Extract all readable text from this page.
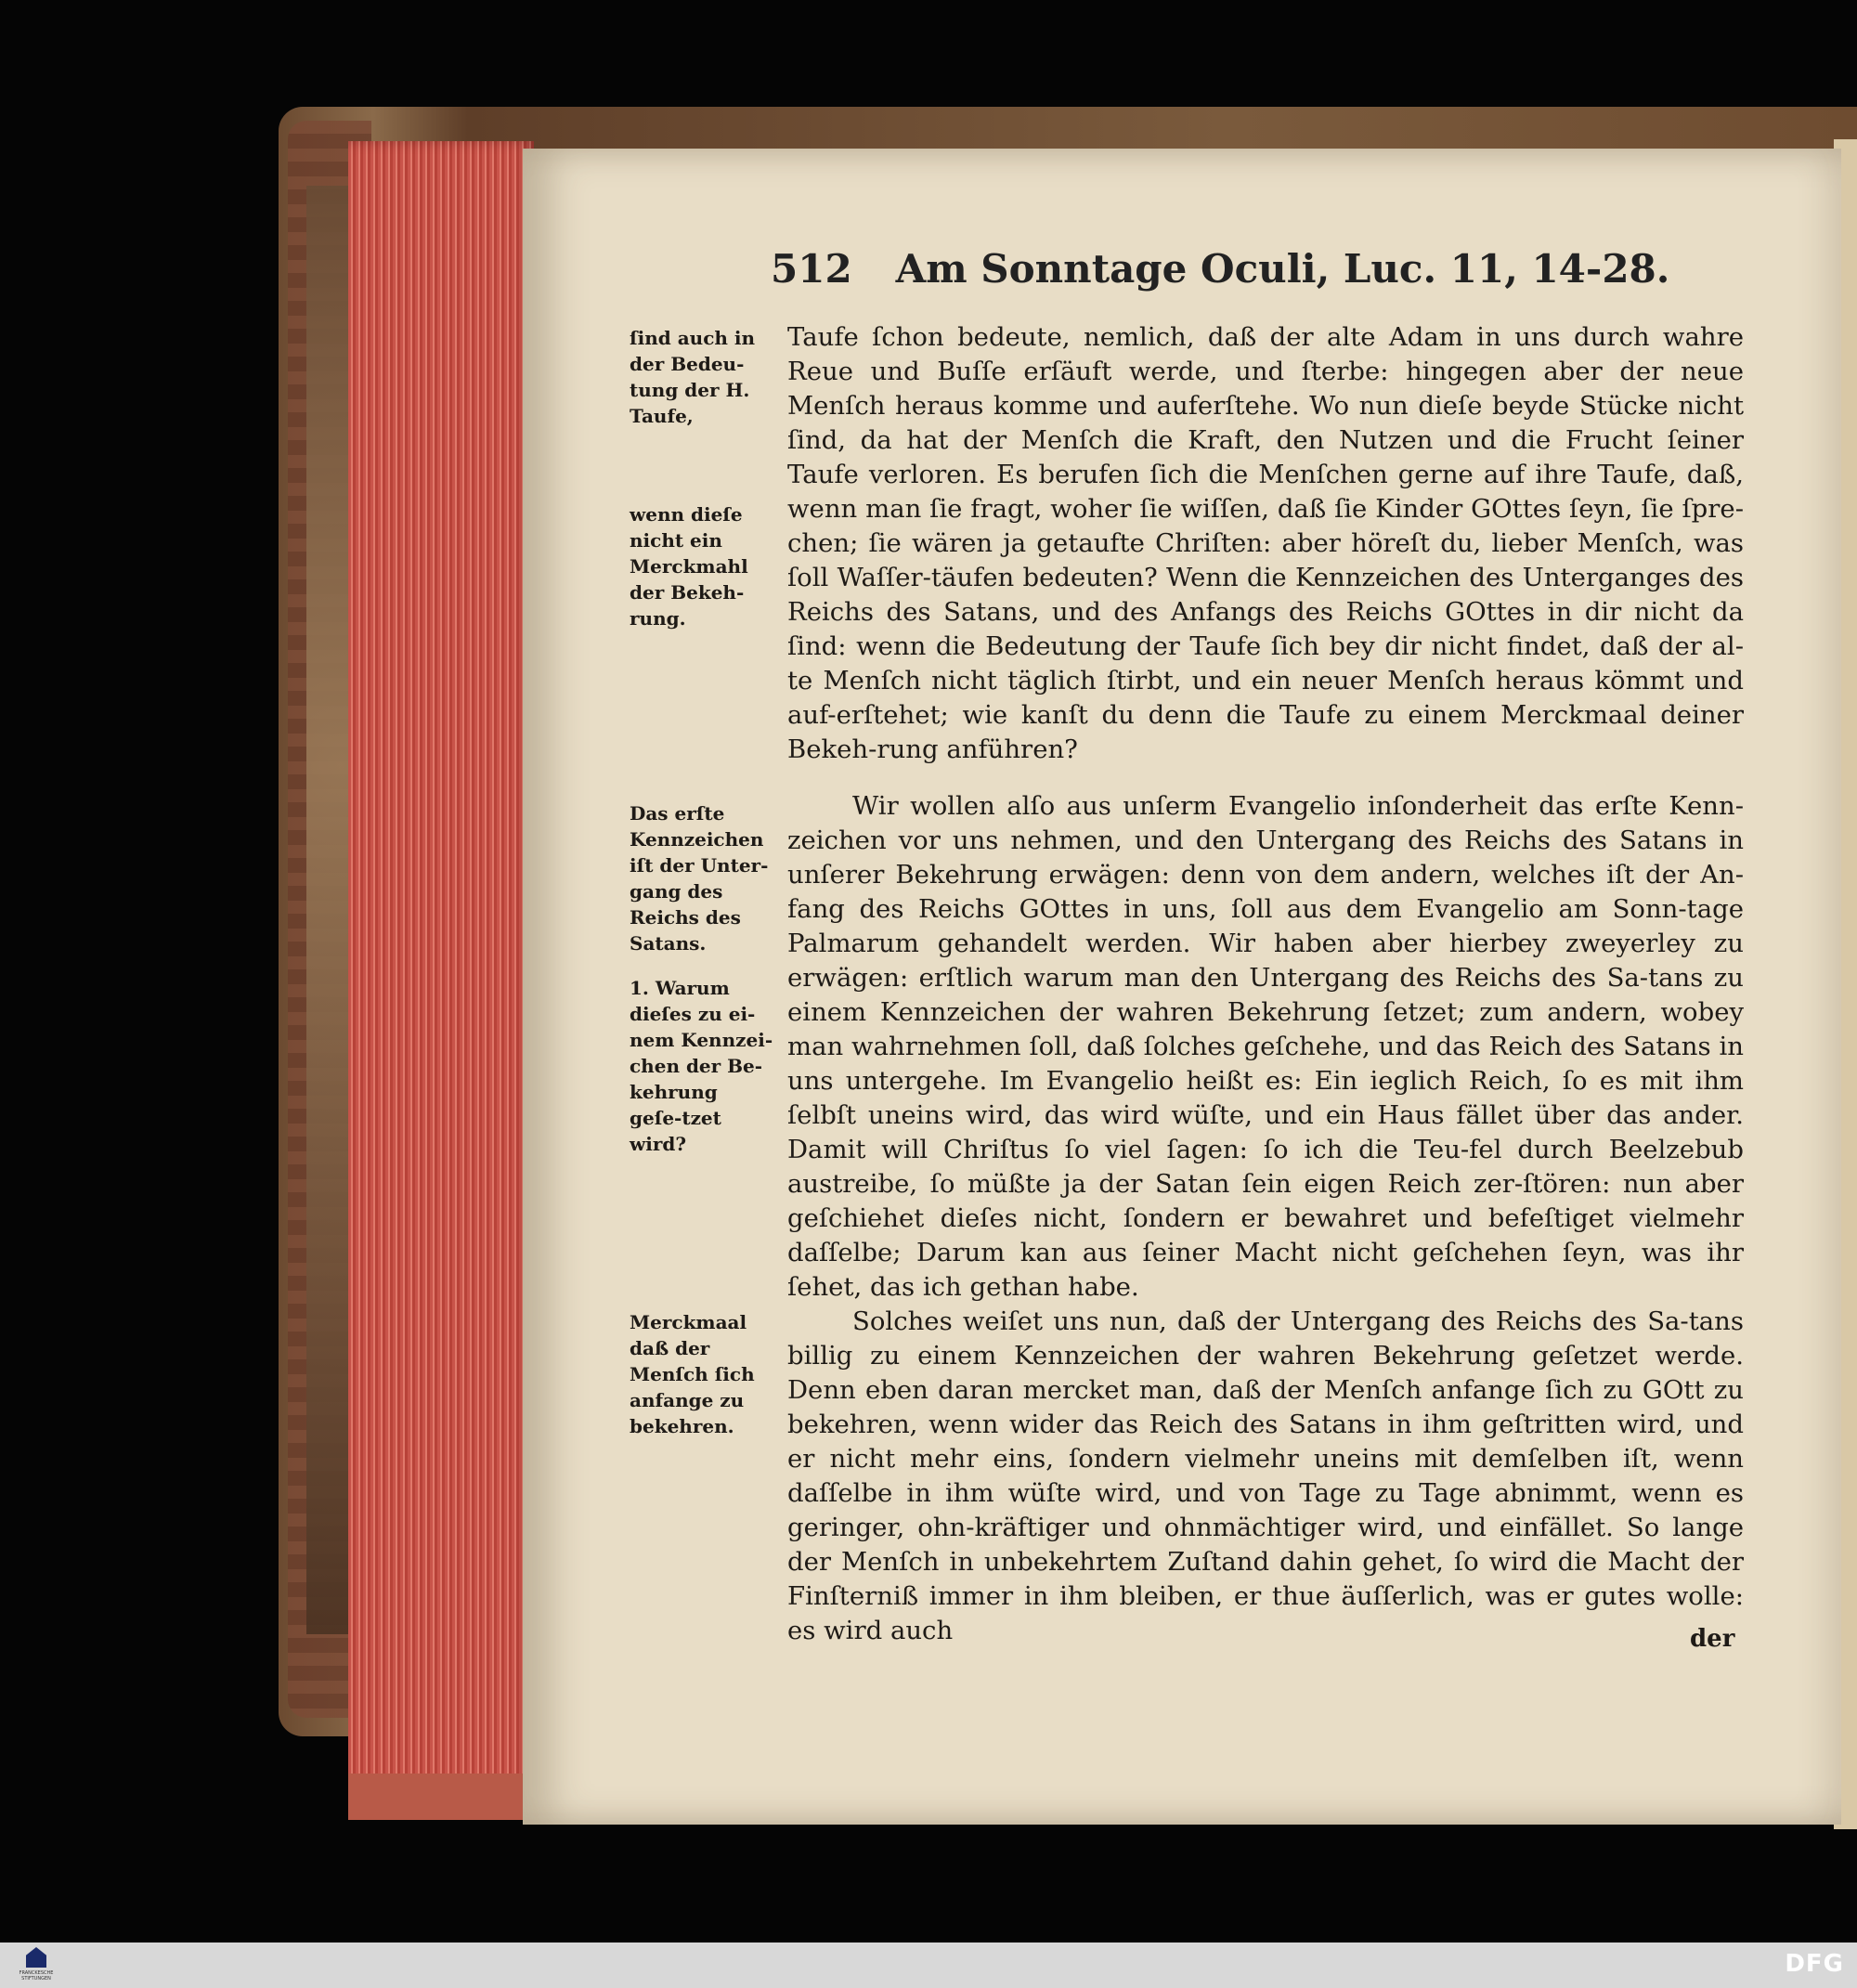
512 Am Sonntage Oculi, Luc. 11, 14-28.
ſind auch in der Bedeu-tung der H. Taufe,
wenn dieſe nicht ein Merckmahl der Bekeh-rung.
Das erſte Kennzeichen iſt der Unter-gang des Reichs des Satans.
1. Warum dieſes zu ei-nem Kennzei-chen der Be-kehrung geſe-tzet wird?
Merckmaal daß der Menſch ſich anfange zu bekehren.

Taufe ſchon bedeute, nemlich, daß der alte Adam in uns durch wahre Reue und Buſſe erſäuft werde, und ſterbe: hingegen aber der neue Menſch heraus komme und auferſtehe. Wo nun dieſe beyde Stücke nicht ſind, da hat der Menſch die Kraft, den Nutzen und die Frucht ſeiner Taufe verloren. Es berufen ſich die Menſchen gerne auf ihre Taufe, daß, wenn man ſie fragt, woher ſie wiſſen, daß ſie Kinder GOttes ſeyn, ſie ſpre-chen; ſie wären ja getaufte Chriſten: aber höreſt du, lieber Menſch, was ſoll Waſſer-täufen bedeuten? Wenn die Kennzeichen des Unterganges des Reichs des Satans, und des Anfangs des Reichs GOttes in dir nicht da ſind: wenn die Bedeutung der Taufe ſich bey dir nicht findet, daß der al-te Menſch nicht täglich ſtirbt, und ein neuer Menſch heraus kömmt und auf-erſtehet; wie kanſt du denn die Taufe zu einem Merckmaal deiner Bekeh-rung anführen?

Wir wollen alſo aus unſerm Evangelio inſonderheit das erſte Kenn-zeichen vor uns nehmen, und den Untergang des Reichs des Satans in unſerer Bekehrung erwägen: denn von dem andern, welches iſt der An-fang des Reichs GOttes in uns, ſoll aus dem Evangelio am Sonn-tage Palmarum gehandelt werden. Wir haben aber hierbey zweyerley zu erwägen: erſtlich warum man den Untergang des Reichs des Sa-tans zu einem Kennzeichen der wahren Bekehrung ſetzet; zum andern, wobey man wahrnehmen ſoll, daß ſolches geſchehe, und das Reich des Satans in uns untergehe. Im Evangelio heißt es: Ein ieglich Reich, ſo es mit ihm ſelbſt uneins wird, das wird wüſte, und ein Haus fället über das ander. Damit will Chriſtus ſo viel ſagen: ſo ich die Teu-fel durch Beelzebub austreibe, ſo müßte ja der Satan ſein eigen Reich zer-ſtören: nun aber geſchiehet dieſes nicht, ſondern er bewahret und befeſtiget vielmehr daſſelbe; Darum kan aus ſeiner Macht nicht geſchehen ſeyn, was ihr ſehet, das ich gethan habe.

Solches weiſet uns nun, daß der Untergang des Reichs des Sa-tans billig zu einem Kennzeichen der wahren Bekehrung geſetzet werde. Denn eben daran mercket man, daß der Menſch anfange ſich zu GOtt zu bekehren, wenn wider das Reich des Satans in ihm geſtritten wird, und er nicht mehr eins, ſondern vielmehr uneins mit demſelben iſt, wenn daſſelbe in ihm wüſte wird, und von Tage zu Tage abnimmt, wenn es geringer, ohn-kräftiger und ohnmächtiger wird, und einfället. So lange der Menſch in unbekehrtem Zuſtand dahin gehet, ſo wird die Macht der Finſterniß immer in ihm bleiben, er thue äuſſerlich, was er gutes wolle: es wird auch	der
FRANCKESCHE STIFTUNGEN
DFG
